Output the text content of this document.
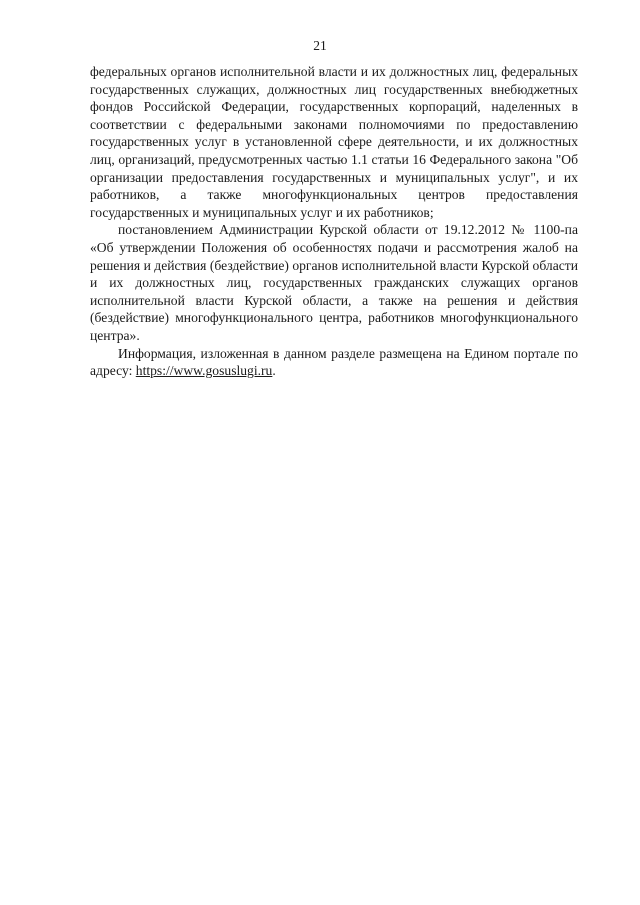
21

федеральных органов исполнительной власти и их должностных лиц, федеральных государственных служащих, должностных лиц государственных внебюджетных фондов Российской Федерации, государственных корпораций, наделенных в соответствии с федеральными законами полномочиями по предоставлению государственных услуг в установленной сфере деятельности, и их должностных лиц, организаций, предусмотренных частью 1.1 статьи 16 Федерального закона "Об организации предоставления государственных и муниципальных услуг", и их работников, а также многофункциональных центров предоставления государственных и муниципальных услуг и их работников;

постановлением Администрации Курской области от 19.12.2012 № 1100-па «Об утверждении Положения об особенностях подачи и рассмотрения жалоб на решения и действия (бездействие) органов исполнительной власти Курской области и их должностных лиц, государственных гражданских служащих органов исполнительной власти Курской области, а также на решения и действия (бездействие) многофункционального центра, работников многофункционального центра».

Информация, изложенная в данном разделе размещена на Едином порталe по адресу: https://www.gosuslugi.ru.
